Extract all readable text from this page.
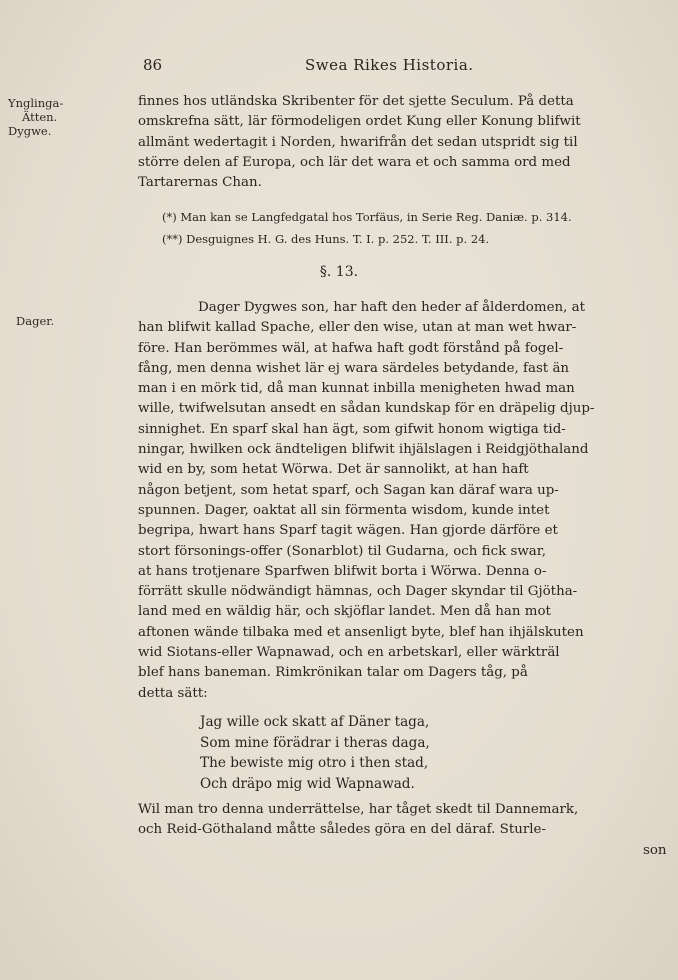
86	Swea Rikes Historia.
Ynglinga-
Ätten.
Dygwe.
Dager.
finnes hos utländska Skribenter för det sjette Seculum. På detta
omskrefna sätt, lär förmodeligen ordet Kung eller Konung blifwit
allmänt wedertagit i Norden, hwarifrån det sedan utspridt sig til
större delen af Europa, och lär det wara et och samma ord med
Tartarernas Chan.
(*) Man kan se Langfedgatal hos Torfäus, in Serie Reg. Daniæ. p. 314.
(**) Desguignes H. G. des Huns. T. I. p. 252. T. III. p. 24.
§. 13.
Dager Dygwes son, har haft den heder af ålderdomen, at
han blifwit kallad Spache, eller den wise, utan at man wet hwar-
före. Han berömmes wäl, at hafwa haft godt förstånd på fogel-
fång, men denna wishet lär ej wara särdeles betydande, fast än
man i en mörk tid, då man kunnat inbilla menigheten hwad man
wille, twifwelsutan ansedt en sådan kundskap för en dräpelig djup-
sinnighet. En sparf skal han ägt, som gifwit honom wigtiga tid-
ningar, hwilken ock ändteligen blifwit ihjälslagen i Reidgjöthaland
wid en by, som hetat Wörwa. Det är sannolikt, at han haft
någon betjent, som hetat sparf, och Sagan kan däraf wara up-
spunnen. Dager, oaktat all sin förmenta wisdom, kunde intet
begripa, hwart hans Sparf tagit wägen. Han gjorde därföre et
stort försonings-offer (Sonarblot) til Gudarna, och fick swar,
at hans trotjenare Sparfwen blifwit borta i Wörwa. Denna o-
förrätt skulle nödwändigt hämnas, och Dager skyndar til Gjötha-
land med en wäldig här, och skjöflar landet. Men då han mot
aftonen wände tilbaka med et ansenligt byte, blef han ihjälskuten
wid Siotans-eller Wapnawad, och en arbetskarl, eller wärkträl
blef hans baneman. Rimkrönikan talar om Dagers tåg, på
detta sätt:
Jag wille ock skatt af Däner taga,
Som mine förädrar i theras daga,
The bewiste mig otro i then stad,
Och dräpo mig wid Wapnawad.
Wil man tro denna underrättelse, har tåget skedt til Dannemark,
och Reid-Göthaland måtte således göra en del däraf. Sturle-
son
